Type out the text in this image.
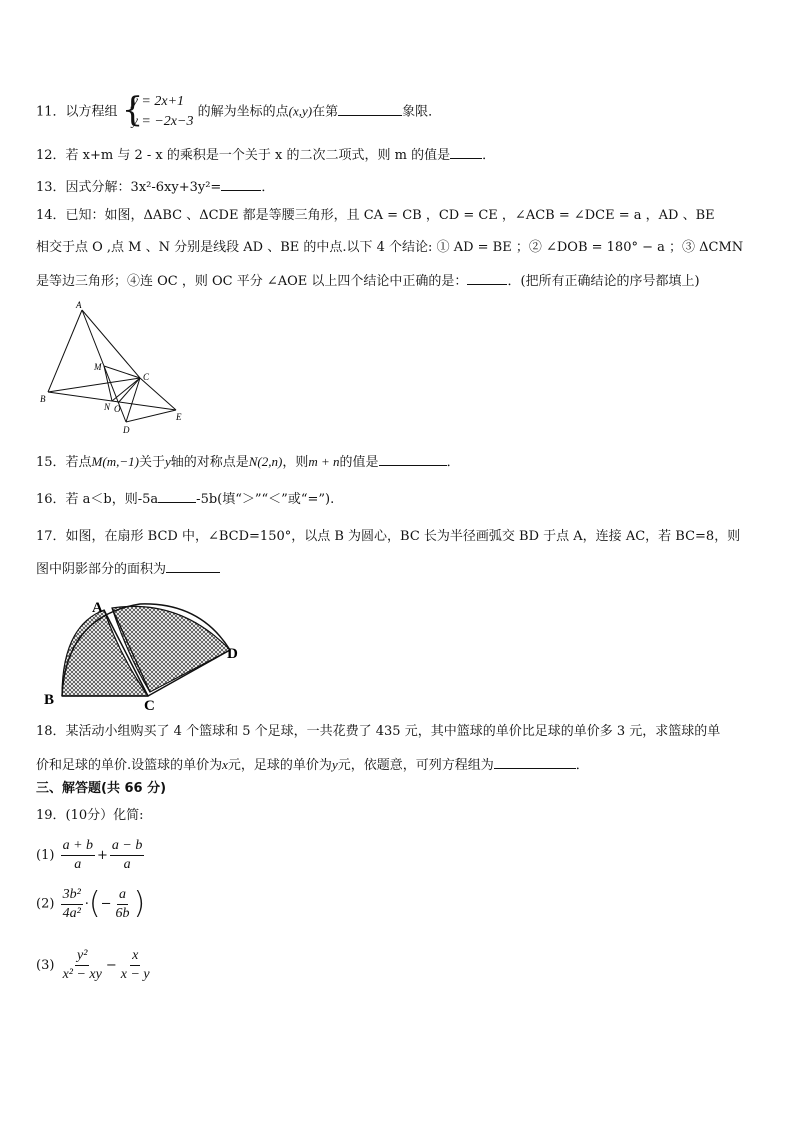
11．以方程组 {
y = 2x+1
y = −2x−3
的解为坐标的点(x,y)在第	象限．
12．若 x+m 与 2 - x 的乘积是一个关于 x 的二次二项式，则 m 的值是 ．
13．因式分解：3x²-6xy+3y²=	．
14．已知：如图，ΔABC 、ΔCDE 都是等腰三角形，且 CA = CB ，CD = CE ，∠ACB = ∠DCE = a ，AD 、BE
相交于点 O ,点 M 、N 分别是线段 AD 、BE 的中点.以下 4 个结论: ① AD = BE ；② ∠DOB = 180° − a ；③ ΔCMN
是等边三角形；④连 OC ，则 OC 平分 ∠AOE 以上四个结论中正确的是：	．(把所有正确结论的序号都填上)
A
M
C
B
N O
E
D
15．若点M(m,−1)关于y轴的对称点是N(2,n)，则m + n的值是	．
16．若 a＜b，则-5a	-5b(填“＞”“＜”或“=”).
17．如图，在扇形 BCD 中，∠BCD=150°，以点 B 为圆心，BC 长为半径画弧交 BD 于点 A，连接 AC，若 BC=8，则
图中阴影部分的面积为
A
D
B	C
18．某活动小组购买了 4 个篮球和 5 个足球，一共花费了 435 元，其中篮球的单价比足球的单价多 3 元，求篮球的单
价和足球的单价.设篮球的单价为x元，足球的单价为y元，依题意，可列方程组为	．
三、解答题(共 66 分)
19．(10分）化简:
$(1) \frac{a + b}{a} + \frac{a - b}{a}$
$(2) \frac{\text{3b²}}{\text{4a²}}$ ·(− $\frac{a}{6b}$ )
$(3) \frac{\text{y²}}{\text{x² − xy}} - \frac{x}{x - y}$
